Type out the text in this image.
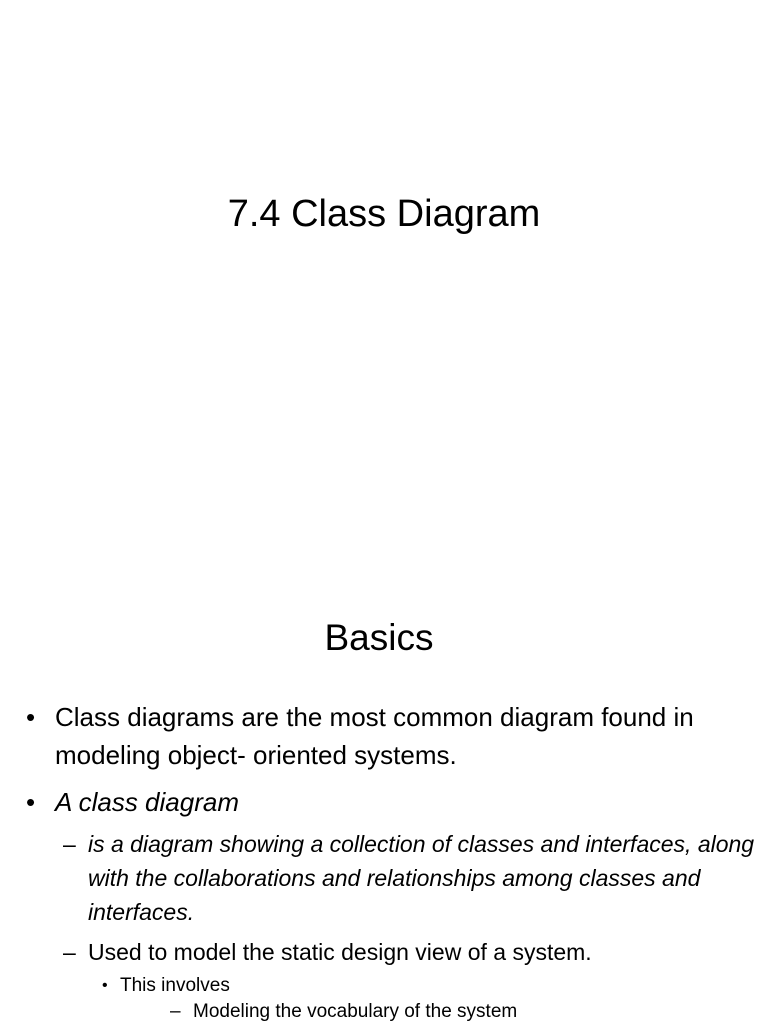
7.4 Class Diagram
Basics
• Class diagrams are the most common diagram found in modeling object- oriented systems.
• A class diagram
– is a diagram showing a collection of classes and interfaces, along with the collaborations and relationships among classes and interfaces.
– Used to model the static design view of a system.
• This involves
– Modeling the vocabulary of the system
